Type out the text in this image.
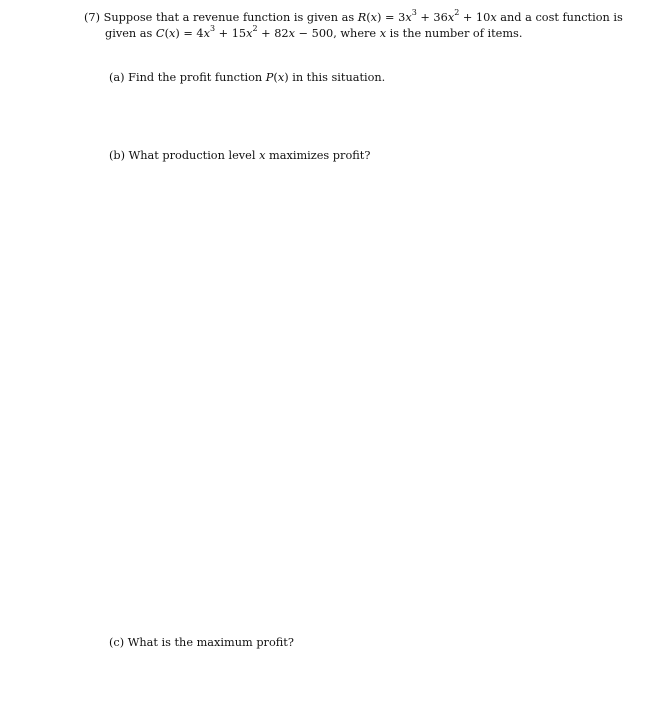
(7) Suppose that a revenue function is given as $R(x) = 3x^3 + 36x^2 + 10x$ and a cost function is
given as $C(x) = 4x^3 + 15x^2 + 82x - 500$, where x is the number of items.
(a) Find the profit function P(x) in this situation.
(b) What production level x maximizes profit?
(c) What is the maximum profit?
